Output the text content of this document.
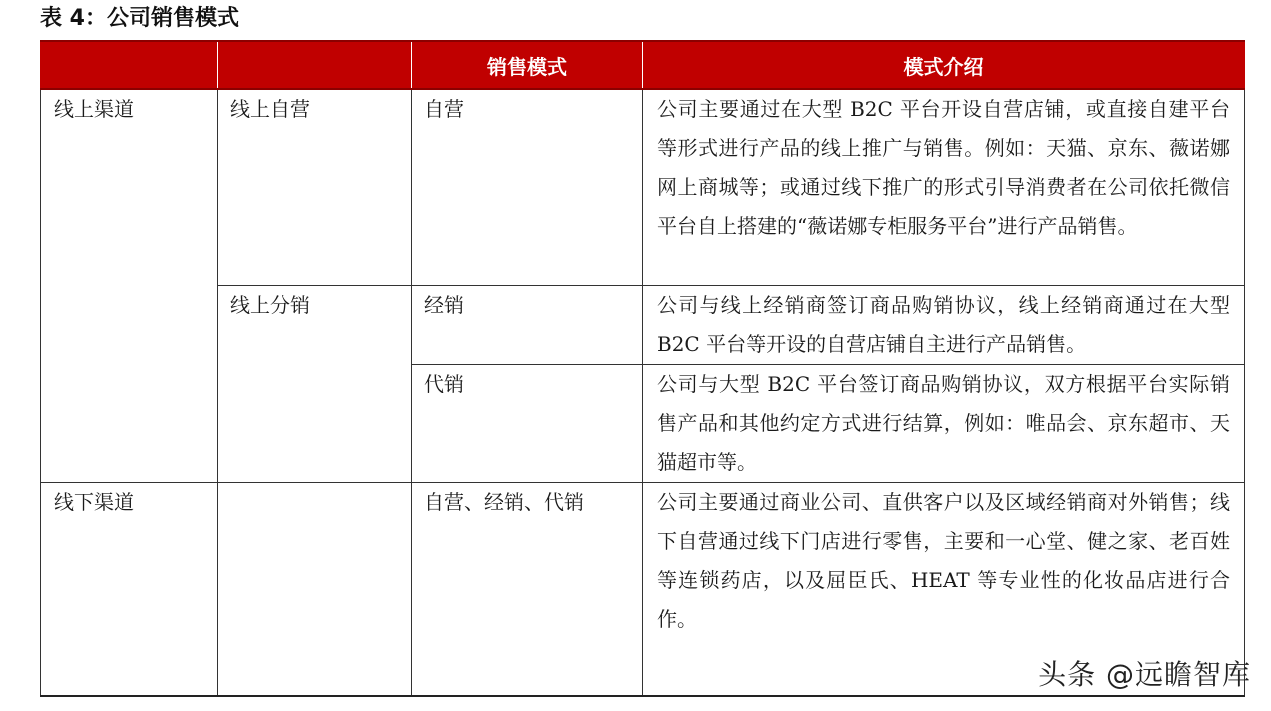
表 4：公司销售模式
		销售模式	模式介绍
线上渠道	线上自营	自营	公司主要通过在大型 B2C 平台开设自营店铺，或直接自建平台等形式进行产品的线上推广与销售。例如：天猫、京东、薇诺娜网上商城等；或通过线下推广的形式引导消费者在公司依托微信平台自上搭建的“薇诺娜专柜服务平台”进行产品销售。
	线上分销	经销	公司与线上经销商签订商品购销协议，线上经销商通过在大型 B2C 平台等开设的自营店铺自主进行产品销售。
		代销	公司与大型 B2C 平台签订商品购销协议，双方根据平台实际销售产品和其他约定方式进行结算，例如：唯品会、京东超市、天猫超市等。
线下渠道		自营、经销、代销	公司主要通过商业公司、直供客户以及区域经销商对外销售；线下自营通过线下门店进行零售，主要和一心堂、健之家、老百姓等连锁药店，以及屈臣氏、HEAT 等专业性的化妆品店进行合作。
头条 @远瞻智库
